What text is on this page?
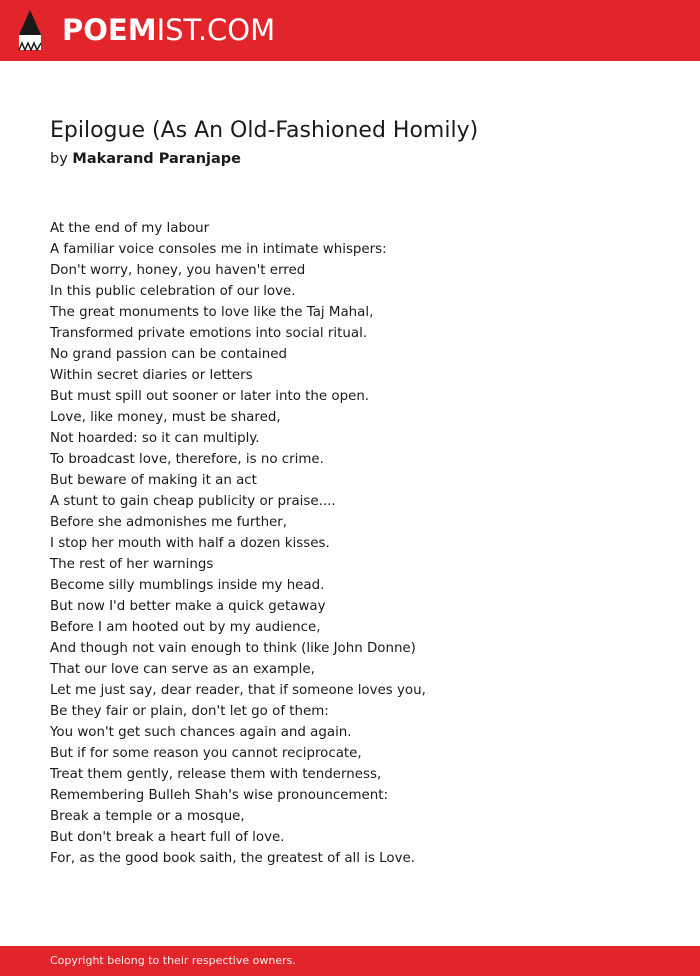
POEMIST.COM
Epilogue (As An Old-Fashioned Homily)
by Makarand Paranjape
At the end of my labour
A familiar voice consoles me in intimate whispers:
Don't worry, honey, you haven't erred
In this public celebration of our love.
The great monuments to love like the Taj Mahal,
Transformed private emotions into social ritual.
No grand passion can be contained
Within secret diaries or letters
But must spill out sooner or later into the open.
Love, like money, must be shared,
Not hoarded: so it can multiply.
To broadcast love, therefore, is no crime.
But beware of making it an act
A stunt to gain cheap publicity or praise....
Before she admonishes me further,
I stop her mouth with half a dozen kisses.
The rest of her warnings
Become silly mumblings inside my head.
But now I'd better make a quick getaway
Before I am hooted out by my audience,
And though not vain enough to think (like John Donne)
That our love can serve as an example,
Let me just say, dear reader, that if someone loves you,
Be they fair or plain, don't let go of them:
You won't get such chances again and again.
But if for some reason you cannot reciprocate,
Treat them gently, release them with tenderness,
Remembering Bulleh Shah's wise pronouncement:
Break a temple or a mosque,
But don't break a heart full of love.
For, as the good book saith, the greatest of all is Love.
Copyright belong to their respective owners.
